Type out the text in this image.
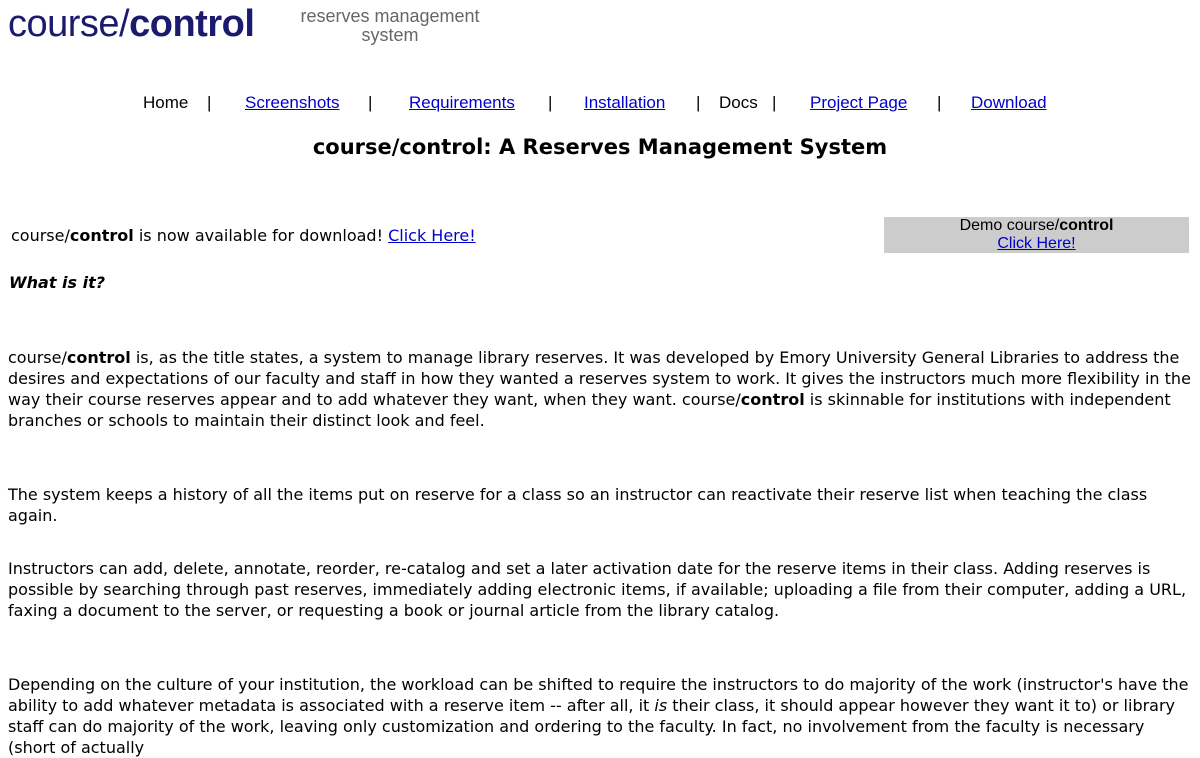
course/control	reserves management system
Home | Screenshots | Requirements | Installation | Docs | Project Page | Download
course/control: A Reserves Management System
course/control is now available for download! Click Here!
Demo course/control
Click Here!
What is it?

course/control is, as the title states, a system to manage library reserves. It was developed by Emory University General Libraries to address the desires and expectations of our faculty and staff in how they wanted a reserves system to work. It gives the instructors much more flexibility in the way their course reserves appear and to add whatever they want, when they want. course/control is skinnable for institutions with independent branches or schools to maintain their distinct look and feel.

The system keeps a history of all the items put on reserve for a class so an instructor can reactivate their reserve list when teaching the class again.

Instructors can add, delete, annotate, reorder, re-catalog and set a later activation date for the reserve items in their class. Adding reserves is possible by searching through past reserves, immediately adding electronic items, if available; uploading a file from their computer, adding a URL, faxing a document to the server, or requesting a book or journal article from the library catalog.

Depending on the culture of your institution, the workload can be shifted to require the instructors to do majority of the work (instructor's have the ability to add whatever metadata is associated with a reserve item -- after all, it is their class, it should appear however they want it to) or library staff can do majority of the work, leaving only customization and ordering to the faculty. In fact, no involvement from the faculty is necessary (short of actually
